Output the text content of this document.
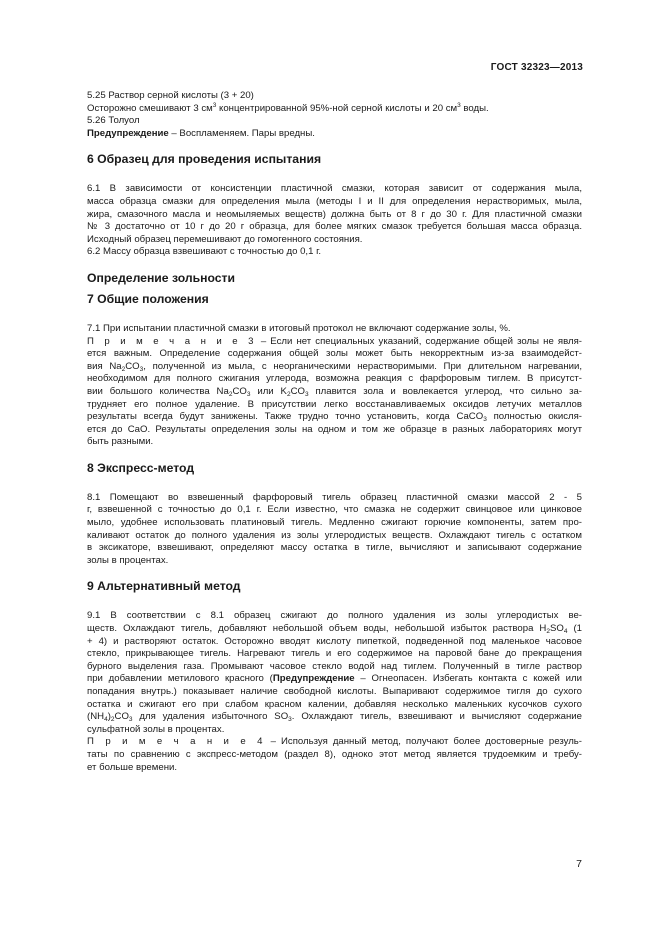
ГОСТ 32323—2013
5.25 Раствор серной кислоты (3 + 20)
Осторожно смешивают 3 $см^3$ концентрированной 95%-ной серной кислоты и 20 $см^3$ воды.
5.26 Толуол
Предупреждение – Воспламеняем. Пары вредны.
6 Образец для проведения испытания
6.1 В зависимости от консистенции пластичной смазки, которая зависит от содержания мыла,
масса образца смазки для определения мыла (методы I и II для определения нерастворимых, мыла,
жира, смазочного масла и неомыляемых веществ) должна быть от 8 г до 30 г. Для пластичной смазки
№ 3 достаточно от 10 г до 20 г образца, для более мягких смазок требуется большая масса образца.
Исходный образец перемешивают до гомогенного состояния.
6.2 Массу образца взвешивают с точностью до 0,1 г.
Определение зольности
7 Общие положения
7.1 При испытании пластичной смазки в итоговый протокол не включают содержание золы, %.
П р и м е ч а н и е 3 – Если нет специальных указаний, содержание общей золы не явля-
ется важным. Определение содержания общей золы может быть некорректным из-за взаимодейст-
вия $Na_2CO_3$, полученной из мыла, с неорганическими нерастворимыми. При длительном нагревании,
необходимом для полного сжигания углерода, возможна реакция с фарфоровым тиглем. В присутст-
вии большого количества $Na_2CO_3$ или $K_2CO_3$ плавится зола и вовлекается углерод, что сильно за-
трудняет его полное удаление. В присутствии легко восстанавливаемых оксидов летучих металлов
результаты всегда будут занижены. Также трудно точно установить, когда CaCO$_3$ полностью окисля-
ется до CaO. Результаты определения золы на одном и том же образце в разных лабораториях могут
быть разными.
8 Экспресс-метод
8.1 Помещают во взвешенный фарфоровый тигель образец пластичной смазки массой 2 - 5
г, взвешенной с точностью до 0,1 г. Если известно, что смазка не содержит свинцовое или цинковое
мыло, удобнее использовать платиновый тигель. Медленно сжигают горючие компоненты, затем про-
каливают остаток до полного удаления из золы углеродистых веществ. Охлаждают тигель с остатком
в эксикаторе, взвешивают, определяют массу остатка в тигле, вычисляют и записывают содержание
золы в процентах.
9 Альтернативный метод
9.1 В соответствии с 8.1 образец сжигают до полного удаления из золы углеродистых ве-
ществ. Охлаждают тигель, добавляют небольшой объем воды, небольшой избыток раствора $H_2SO_4$ (1
+ 4) и растворяют остаток. Осторожно вводят кислоту пипеткой, подведенной под маленькое часовое
стекло, прикрывающее тигель. Нагревают тигель и его содержимое на паровой бане до прекращения
бурного выделения газа. Промывают часовое стекло водой над тиглем. Полученный в тигле раствор
при добавлении метилового красного (Предупреждение – Огнеопасен. Избегать контакта с кожей или
попадания внутрь.) показывает наличие свободной кислоты. Выпаривают содержимое тигля до сухого
остатка и сжигают его при слабом красном калении, добавляя несколько маленьких кусочков сухого
$(NH_4)_2CO_3$ для удаления избыточного $SO_3$. Охлаждают тигель, взвешивают и вычисляют содержание
сульфатной золы в процентах.
П р и м е ч а н и е 4 – Используя данный метод, получают более достоверные резуль-
таты по сравнению с экспресс-методом (раздел 8), одноко этот метод является трудоемким и требу-
ет больше времени.
7
